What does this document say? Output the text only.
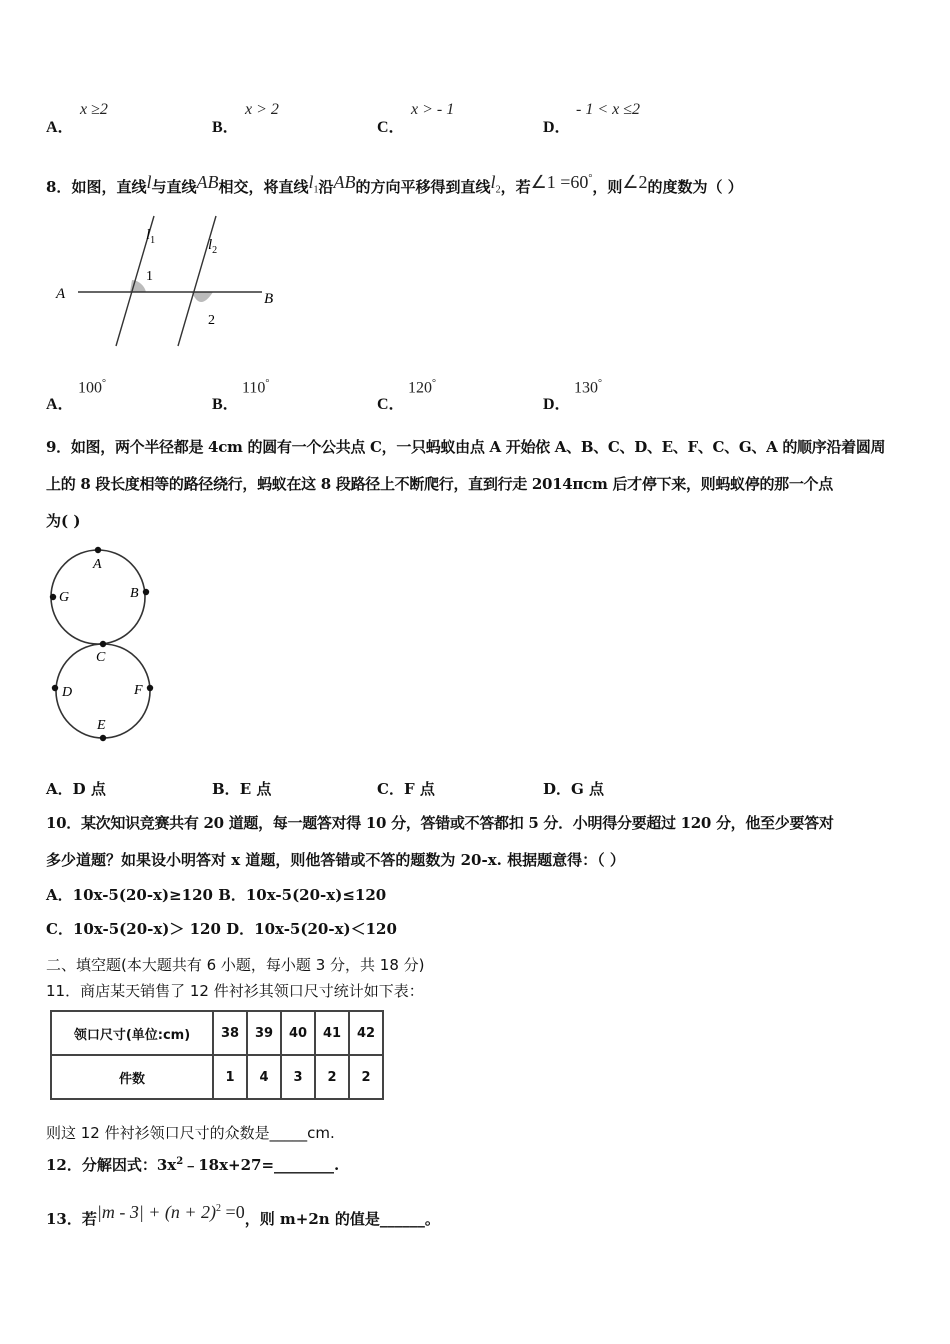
A．
x ≥2
B．
x > 2
C．
x > - 1
D．
- 1 < x ≤2
8．如图，直线l与直线AB相交，将直线$l_1$沿AB的方向平移得到直线$l_2$，若∠1 =60°，则∠2的度数为（ ）
A	B
$l_1$	$l_2$
1
2
A．
100°
B．
110°
C．
120°
D．
130°
9．如图，两个半径都是 4cm 的圆有一个公共点 C，一只蚂蚁由点 A 开始依 A、B、C、D、E、F、C、G、A 的顺序沿着圆周
上的 8 段长度相等的路径绕行，蚂蚁在这 8 段路径上不断爬行，直到行走 2014πcm 后才停下来，则蚂蚁停的那一个点
为( )
A
B
C
D
E
F
G
A．D 点	B．E 点	C．F 点	D．G 点
10．某次知识竞赛共有 20 道题，每一题答对得 10 分，答错或不答都扣 5 分．小明得分要超过 120 分，他至少要答对
多少道题？如果设小明答对 x 道题，则他答错或不答的题数为 20-x. 根据题意得：（ ）
A．10x-5(20-x)≥120 B．10x-5(20-x)≤120
C．10x-5(20-x)＞ 120 D．10x-5(20-x)＜120
二、填空题(本大题共有 6 小题，每小题 3 分，共 18 分)
11．商店某天销售了 12 件衬衫其领口尺寸统计如下表：
领口尺寸(单位:cm)	38	39	40	41	42
件数	1	4	3	2	2
则这 12 件衬衫领口尺寸的众数是_____cm.
12．分解因式：$3x^2﹣18x+27=\_\_\_\_\_\_\_\_$.
13．若$|m - 3| + (n + 2)^2 =0$，则 m+2n 的值是______。
